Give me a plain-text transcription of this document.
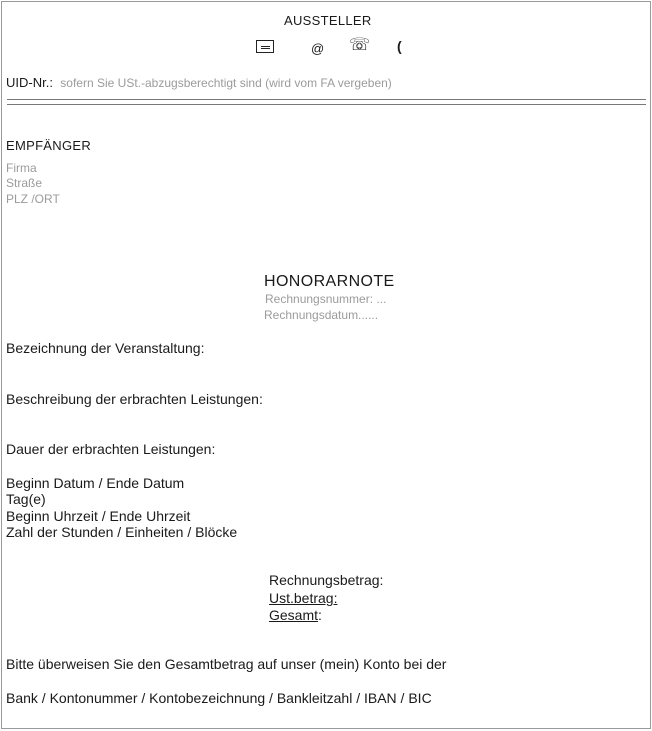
AUSSTELLER
@ ☏ (
UID-Nr.: sofern Sie USt.-abzugsberechtigt sind (wird vom FA vergeben)
EMPFÄNGER
Firma
Straße
PLZ /ORT
HONORARNOTE
Rechnungsnummer: ...
Rechnungsdatum......
Bezeichnung der Veranstaltung:
Beschreibung der erbrachten Leistungen:
Dauer der erbrachten Leistungen:
Beginn Datum / Ende Datum
Tag(e)
Beginn Uhrzeit / Ende Uhrzeit
Zahl der Stunden / Einheiten / Blöcke
Rechnungsbetrag:
Ust.betrag:
Gesamt:
Bitte überweisen Sie den Gesamtbetrag auf unser (mein) Konto bei der
Bank / Kontonummer / Kontobezeichnung / Bankleitzahl / IBAN / BIC
